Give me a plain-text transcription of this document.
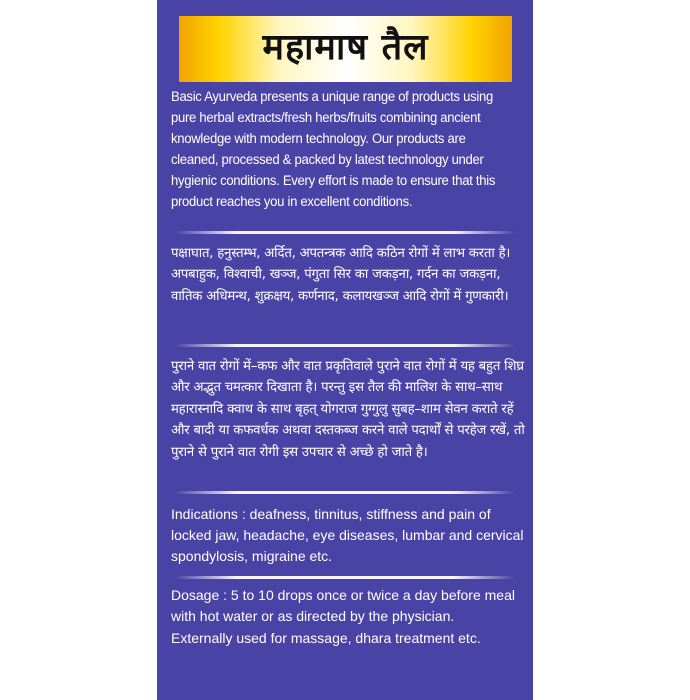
महामाष तैल

Basic Ayurveda presents a unique range of products using pure herbal extracts/fresh herbs/fruits combining ancient knowledge with modern technology. Our products are cleaned, processed & packed by latest technology under hygienic conditions. Every effort is made to ensure that this product reaches you in excellent conditions.

पक्षाघात, हनुस्तम्भ, अर्दित, अपतन्त्रक आदि कठिन रोगों में लाभ करता है। अपबाहुक, विश्वाची, खञ्ज, पंगुता सिर का जकड़ना, गर्दन का जकड़ना, वातिक अधिमन्थ, शुक्रक्षय, कर्णनाद, कलायखञ्ज आदि रोगों में गुणकारी।

पुराने वात रोगों में–कफ और वात प्रकृतिवाले पुराने वात रोगों में यह बहुत शिघ्र और अद्भुत चमत्कार दिखाता है। परन्तु इस तैल की मालिश के साथ–साथ महारास्नादि क्वाथ के साथ बृहत् योगराज गुग्गुलु सुबह–शाम सेवन कराते रहें और बादी या कफवर्धक अथवा दस्तकब्ज करने वाले पदार्थों से परहेज रखें, तो पुराने से पुराने वात रोगी इस उपचार से अच्छे हो जाते है।

Indications : deafness, tinnitus, stiffness and pain of locked jaw, headache, eye diseases, lumbar and cervical spondylosis, migraine etc.

Dosage : 5 to 10 drops once or twice a day before meal with hot water or as directed by the physician.

Externally used for massage, dhara treatment etc.
